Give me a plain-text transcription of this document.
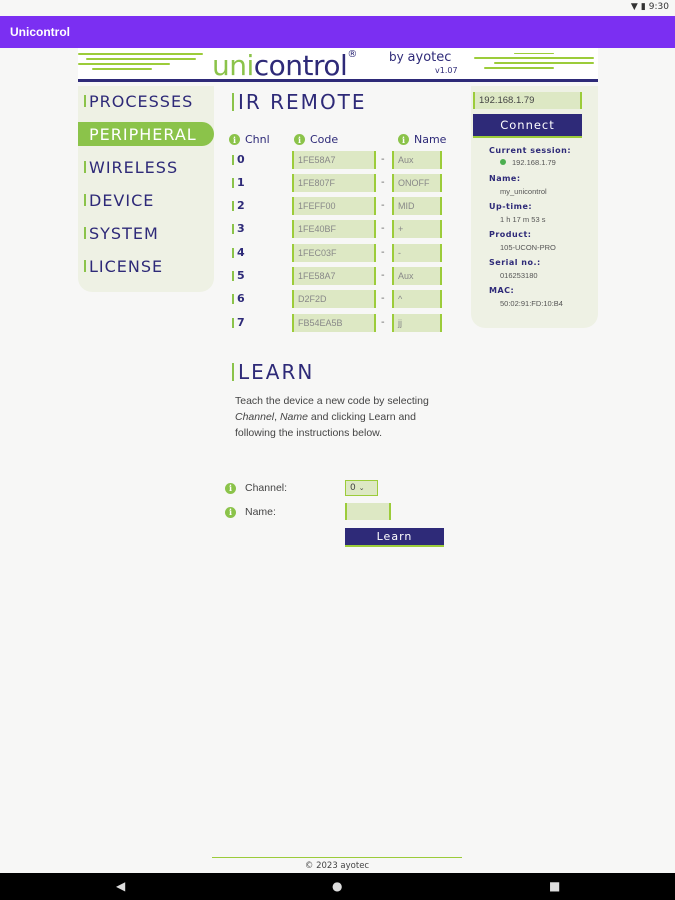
▼ ▮ 9:30
Unicontrol
unicontrol®	by ayotec
v1.07
PROCESSES
PERIPHERAL
WIRELESS
DEVICE
SYSTEM
LICENSE
IR REMOTE
i Chnl	i Code	i Name
0	1FE58A7	-	Aux
1	1FE807F	-	ONOFF
2	1FEFF00	-	MID
3	1FE40BF	-	+
4	1FEC03F	-	-
5	1FE58A7	-	Aux
6	D2F2D	-	^
7	FB54EA5B	-	jj
LEARN
Teach the device a new code by selecting Channel, Name and clicking Learn and following the instructions below.
i	Channel:	0 ⌄
i	Name:
Learn
192.168.1.79
Connect
Current session:
192.168.1.79
Name:
my_unicontrol
Up-time:
1 h 17 m 53 s
Product:
105-UCON-PRO
Serial no.:
016253180
MAC:
50:02:91:FD:10:B4
© 2023 ayotec
◀	●	■
